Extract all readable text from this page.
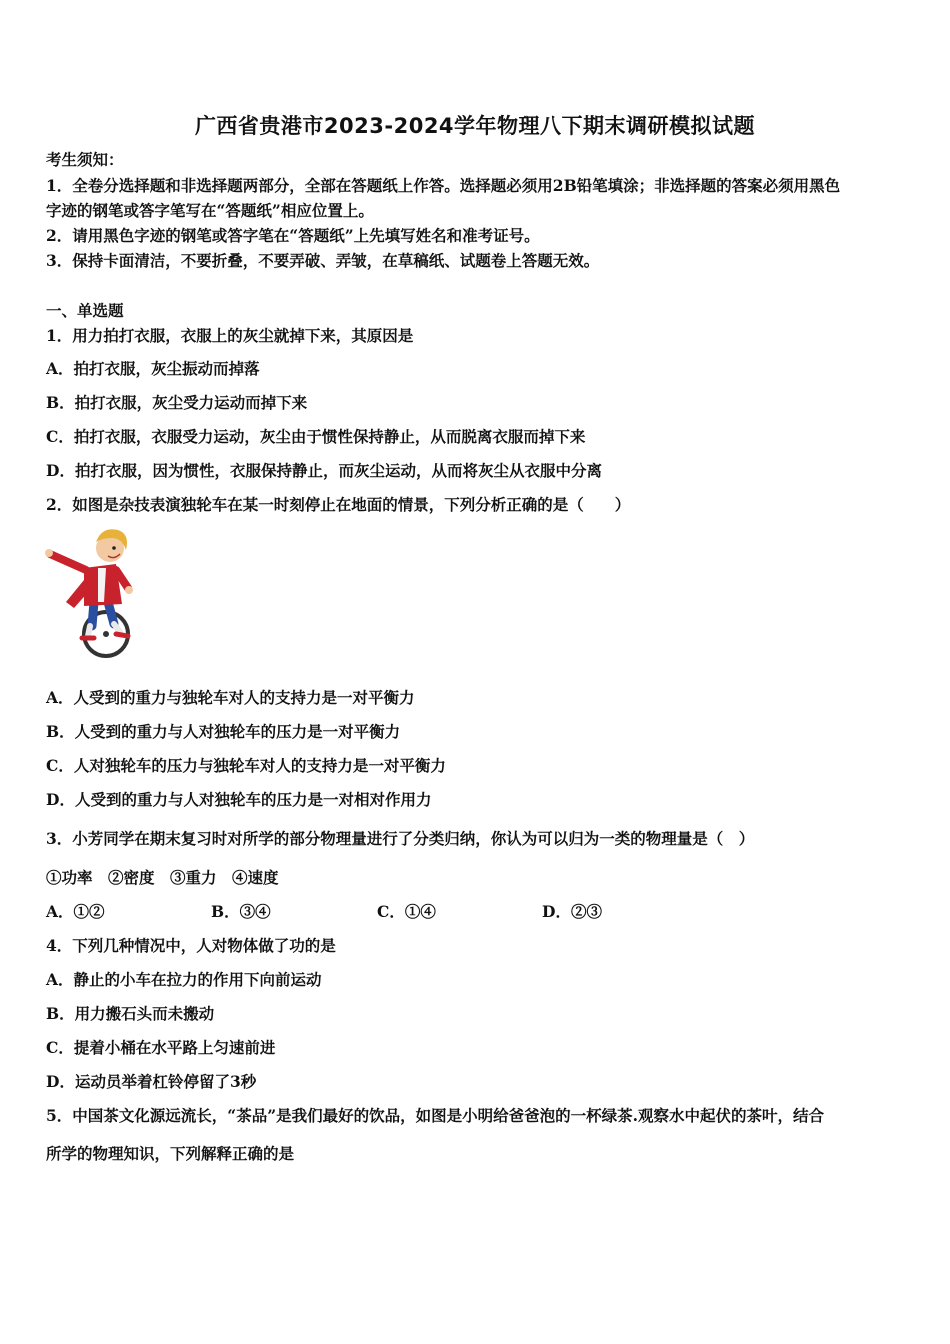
广西省贵港市2023-2024学年物理八下期末调研模拟试题
考生须知：
1．全卷分选择题和非选择题两部分，全部在答题纸上作答。选择题必须用2B铅笔填涂；非选择题的答案必须用黑色
字迹的钢笔或答字笔写在“答题纸”相应位置上。
2．请用黑色字迹的钢笔或答字笔在“答题纸”上先填写姓名和准考证号。
3．保持卡面清洁，不要折叠，不要弄破、弄皱，在草稿纸、试题卷上答题无效。
一、单选题
1．用力拍打衣服，衣服上的灰尘就掉下来，其原因是
A．拍打衣服，灰尘振动而掉落
B．拍打衣服，灰尘受力运动而掉下来
C．拍打衣服，衣服受力运动，灰尘由于惯性保持静止，从而脱离衣服而掉下来
D．拍打衣服，因为惯性，衣服保持静止，而灰尘运动，从而将灰尘从衣服中分离
2．如图是杂技表演独轮车在某一时刻停止在地面的情景，下列分析正确的是（　　）
A．人受到的重力与独轮车对人的支持力是一对平衡力
B．人受到的重力与人对独轮车的压力是一对平衡力
C．人对独轮车的压力与独轮车对人的支持力是一对平衡力
D．人受到的重力与人对独轮车的压力是一对相对作用力
3．小芳同学在期末复习时对所学的部分物理量进行了分类归纳，你认为可以归为一类的物理量是（　）
①功率　②密度　③重力　④速度
A．①②	B．③④	C．①④	D．②③
4．下列几种情况中，人对物体做了功的是
A．静止的小车在拉力的作用下向前运动
B．用力搬石头而未搬动
C．提着小桶在水平路上匀速前进
D．运动员举着杠铃停留了3秒
5．中国茶文化源远流长，“茶品”是我们最好的饮品，如图是小明给爸爸泡的一杯绿茶.观察水中起伏的茶叶，结合
所学的物理知识，下列解释正确的是
